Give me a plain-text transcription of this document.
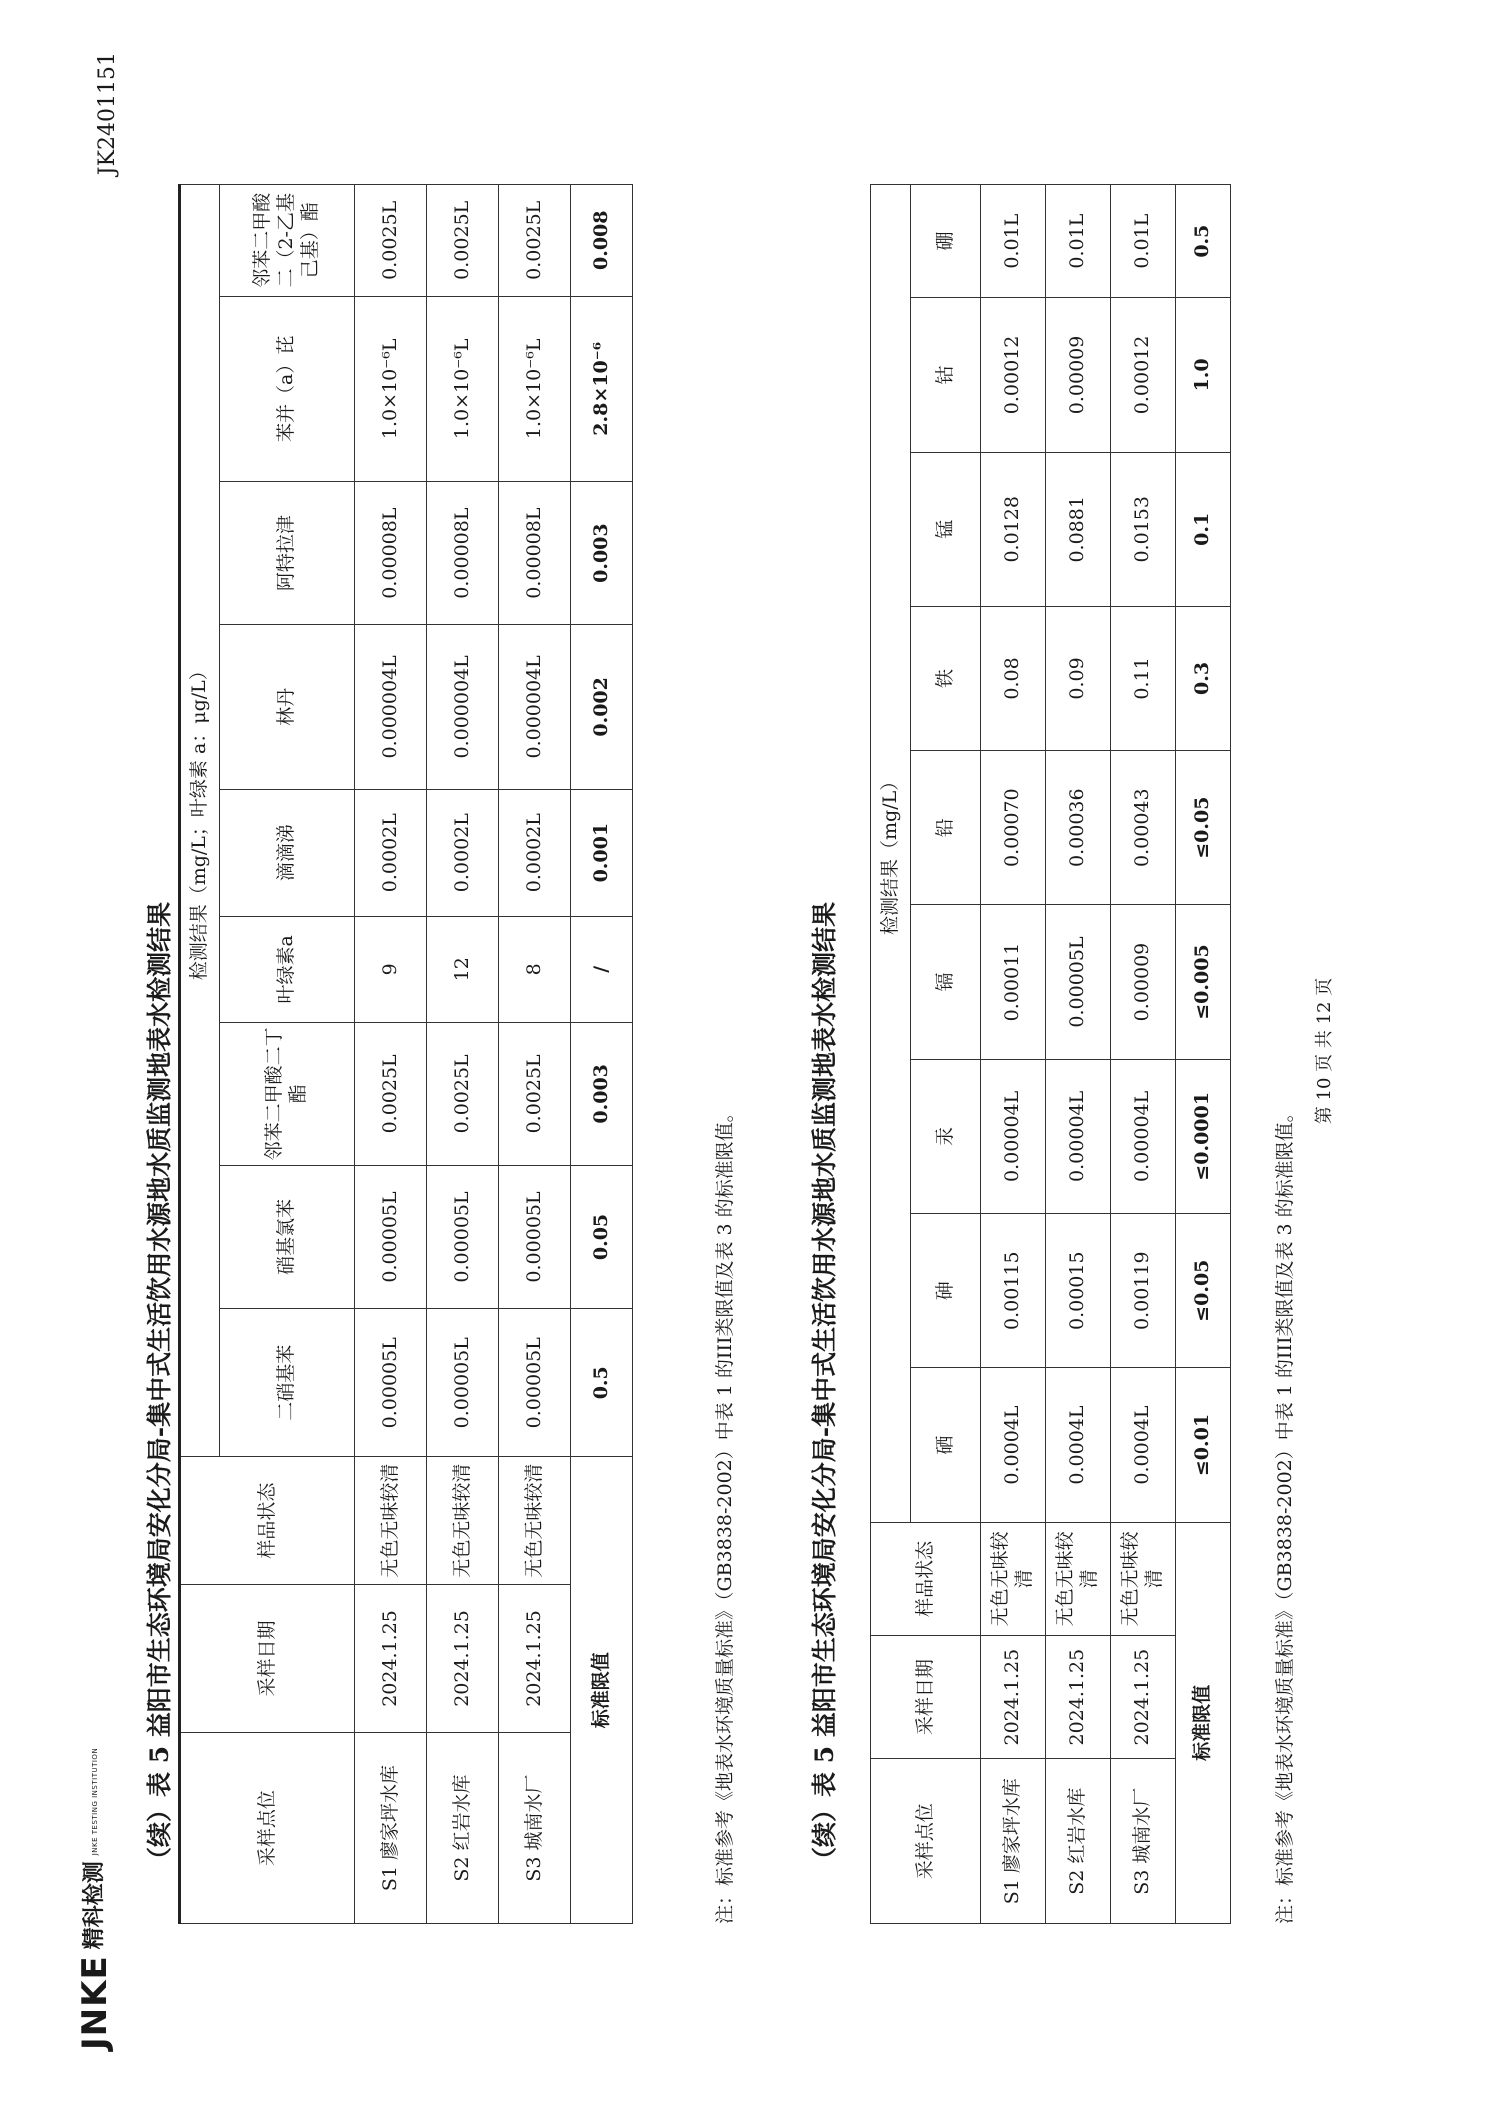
JNKE
精科检测
JNKE TESTING INSTITUTION
JK2401151
（续）表 5 益阳市生态环境局安化分局-集中式生活饮用水源地水质监测地表水检测结果	采样点位	采样日期	样品状态	检测结果（mg/L；叶绿素 a：μg/L）								
			二硝基苯	硝基氯苯	邻苯二甲酸二丁酯	叶绿素a	滴滴涕	林丹	阿特拉津	苯并（a）芘	邻苯二甲酸二（2-乙基己基）酯
S1 廖家坪水库	2024.1.25	无色无味较清	0.00005L	0.00005L	0.0025L	9	0.0002L	0.000004L	0.00008L	1.0×10⁻⁶L	0.0025L
S2 红岩水库	2024.1.25	无色无味较清	0.00005L	0.00005L	0.0025L	12	0.0002L	0.000004L	0.00008L	1.0×10⁻⁶L	0.0025L
S3 城南水厂	2024.1.25	无色无味较清	0.00005L	0.00005L	0.0025L	8	0.0002L	0.000004L	0.00008L	1.0×10⁻⁶L	0.0025L
标准限值			0.5	0.05	0.003	/	0.001	0.002	0.003	2.8×10⁻⁶	0.008
注：标准参考《地表水环境质量标准》（GB3838-2002）中表 1 的III类限值及表 3 的标准限值。	（续）表 5 益阳市生态环境局安化分局-集中式生活饮用水源地水质监测地表水检测结果	采样点位	采样日期	样品状态	检测结果（mg/L）								
			硒	砷	汞	镉	铅	铁	锰	钴	硼
S1 廖家坪水库	2024.1.25	无色无味较清	0.0004L	0.00115	0.00004L	0.00011	0.00070	0.08	0.0128	0.00012	0.01L
S2 红岩水库	2024.1.25	无色无味较清	0.0004L	0.00015	0.00004L	0.00005L	0.00036	0.09	0.0881	0.00009	0.01L
S3 城南水厂	2024.1.25	无色无味较清	0.0004L	0.00119	0.00004L	0.00009	0.00043	0.11	0.0153	0.00012	0.01L
标准限值			≤0.01	≤0.05	≤0.0001	≤0.005	≤0.05	0.3	0.1	1.0	0.5
注：标准参考《地表水环境质量标准》（GB3838-2002）中表 1 的III类限值及表 3 的标准限值。
第 10 页 共 12 页
